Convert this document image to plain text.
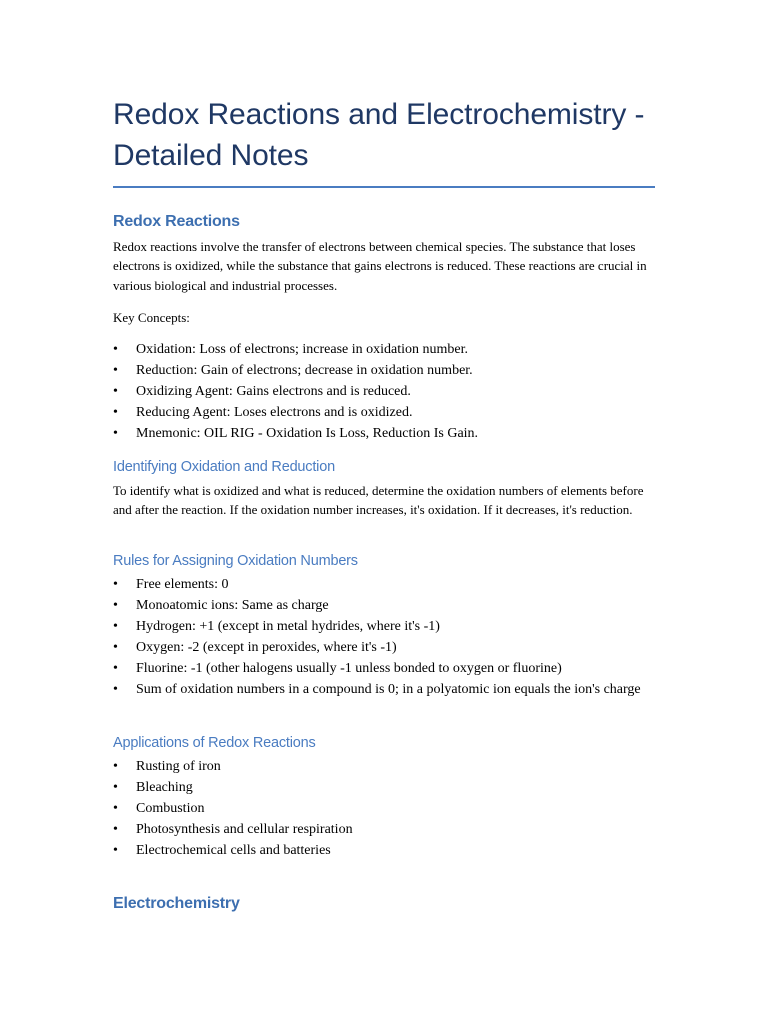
Redox Reactions and Electrochemistry - Detailed Notes
Redox Reactions

Redox reactions involve the transfer of electrons between chemical species. The substance that loses electrons is oxidized, while the substance that gains electrons is reduced. These reactions are crucial in various biological and industrial processes.

Key Concepts:

• Oxidation: Loss of electrons; increase in oxidation number.
• Reduction: Gain of electrons; decrease in oxidation number.
• Oxidizing Agent: Gains electrons and is reduced.
• Reducing Agent: Loses electrons and is oxidized.
• Mnemonic: OIL RIG - Oxidation Is Loss, Reduction Is Gain.
Identifying Oxidation and Reduction

To identify what is oxidized and what is reduced, determine the oxidation numbers of elements before and after the reaction. If the oxidation number increases, it's oxidation. If it decreases, it's reduction.

Rules for Assigning Oxidation Numbers
• Free elements: 0
• Monoatomic ions: Same as charge
• Hydrogen: +1 (except in metal hydrides, where it's -1)
• Oxygen: -2 (except in peroxides, where it's -1)
• Fluorine: -1 (other halogens usually -1 unless bonded to oxygen or fluorine)
• Sum of oxidation numbers in a compound is 0; in a polyatomic ion equals the ion's charge
Applications of Redox Reactions
• Rusting of iron
• Bleaching
• Combustion
• Photosynthesis and cellular respiration
• Electrochemical cells and batteries
Electrochemistry
